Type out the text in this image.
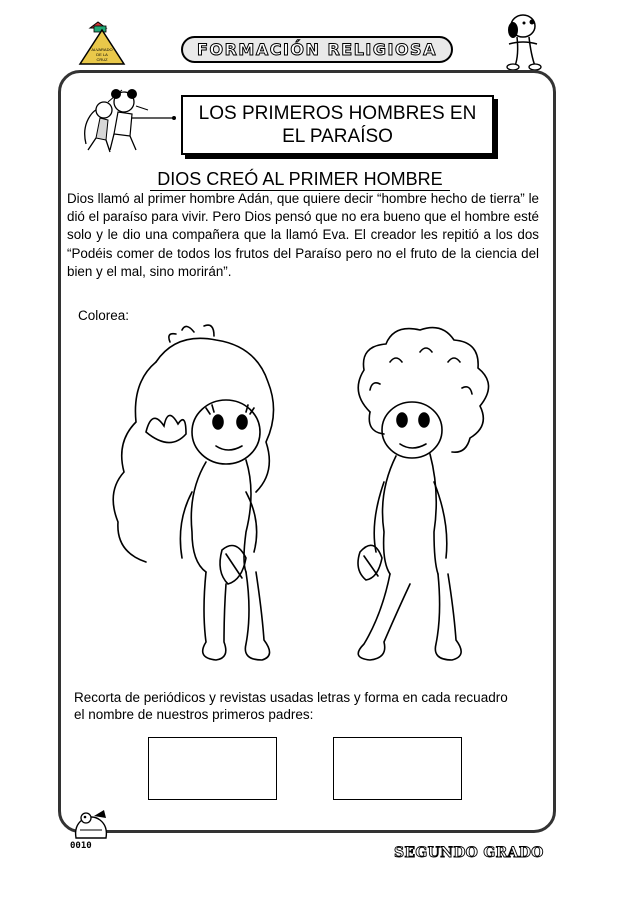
ALVARADO
DE LA
CRUZ
FORMACIÓN RELIGIOSA
LOS PRIMEROS HOMBRES EN
EL PARAÍSO
DIOS CREÓ AL PRIMER HOMBRE
Dios llamó al primer hombre Adán, que quiere decir “hombre hecho de tierra” le dió el paraíso para vivir. Pero Dios pensó que no era bueno que el hombre esté solo y le dio una compañera que la llamó Eva. El creador les repitió a los dos “Podéis comer de todos los frutos del Paraíso pero no el fruto de la ciencia del bien y el mal, sino morirán”.
Colorea:
Recorta de periódicos y revistas usadas letras y forma en cada recuadro el nombre de nuestros primeros padres:
0010	SEGUNDO GRADO
